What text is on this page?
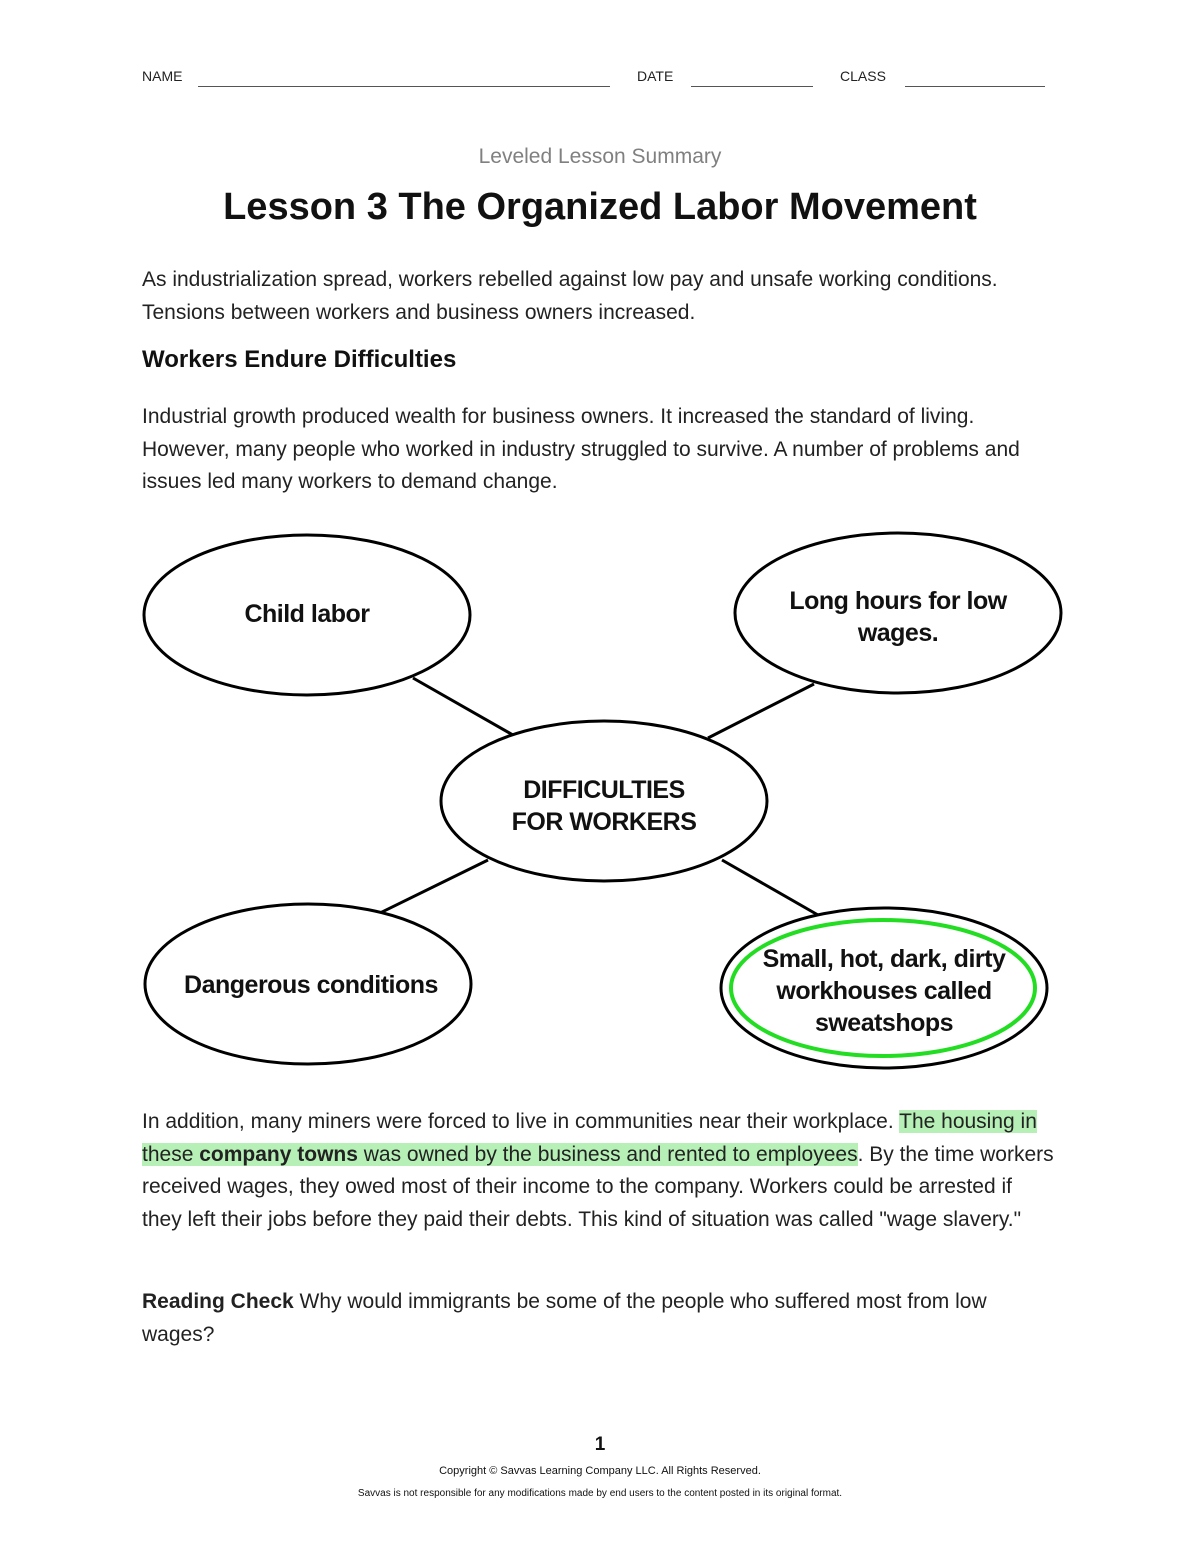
NAME	DATE	CLASS
Leveled Lesson Summary
Lesson 3 The Organized Labor Movement
As industrialization spread, workers rebelled against low pay and unsafe working conditions. Tensions between workers and business owners increased.
Workers Endure Difficulties
Industrial growth produced wealth for business owners. It increased the standard of living. However, many people who worked in industry struggled to survive. A number of problems and issues led many workers to demand change.
Child labor	Long hours for low
wages.
DIFFICULTIES
FOR WORKERS
Dangerous conditions
Small, hot, dark, dirty
workhouses called
sweatshops
In addition, many miners were forced to live in communities near their workplace. The housing in these company towns was owned by the business and rented to employees. By the time workers received wages, they owed most of their income to the company. Workers could be arrested if they left their jobs before they paid their debts. This kind of situation was called "wage slavery."
Reading Check Why would immigrants be some of the people who suffered most from low wages?
1
Copyright © Savvas Learning Company LLC. All Rights Reserved.
Savvas is not responsible for any modifications made by end users to the content posted in its original format.
